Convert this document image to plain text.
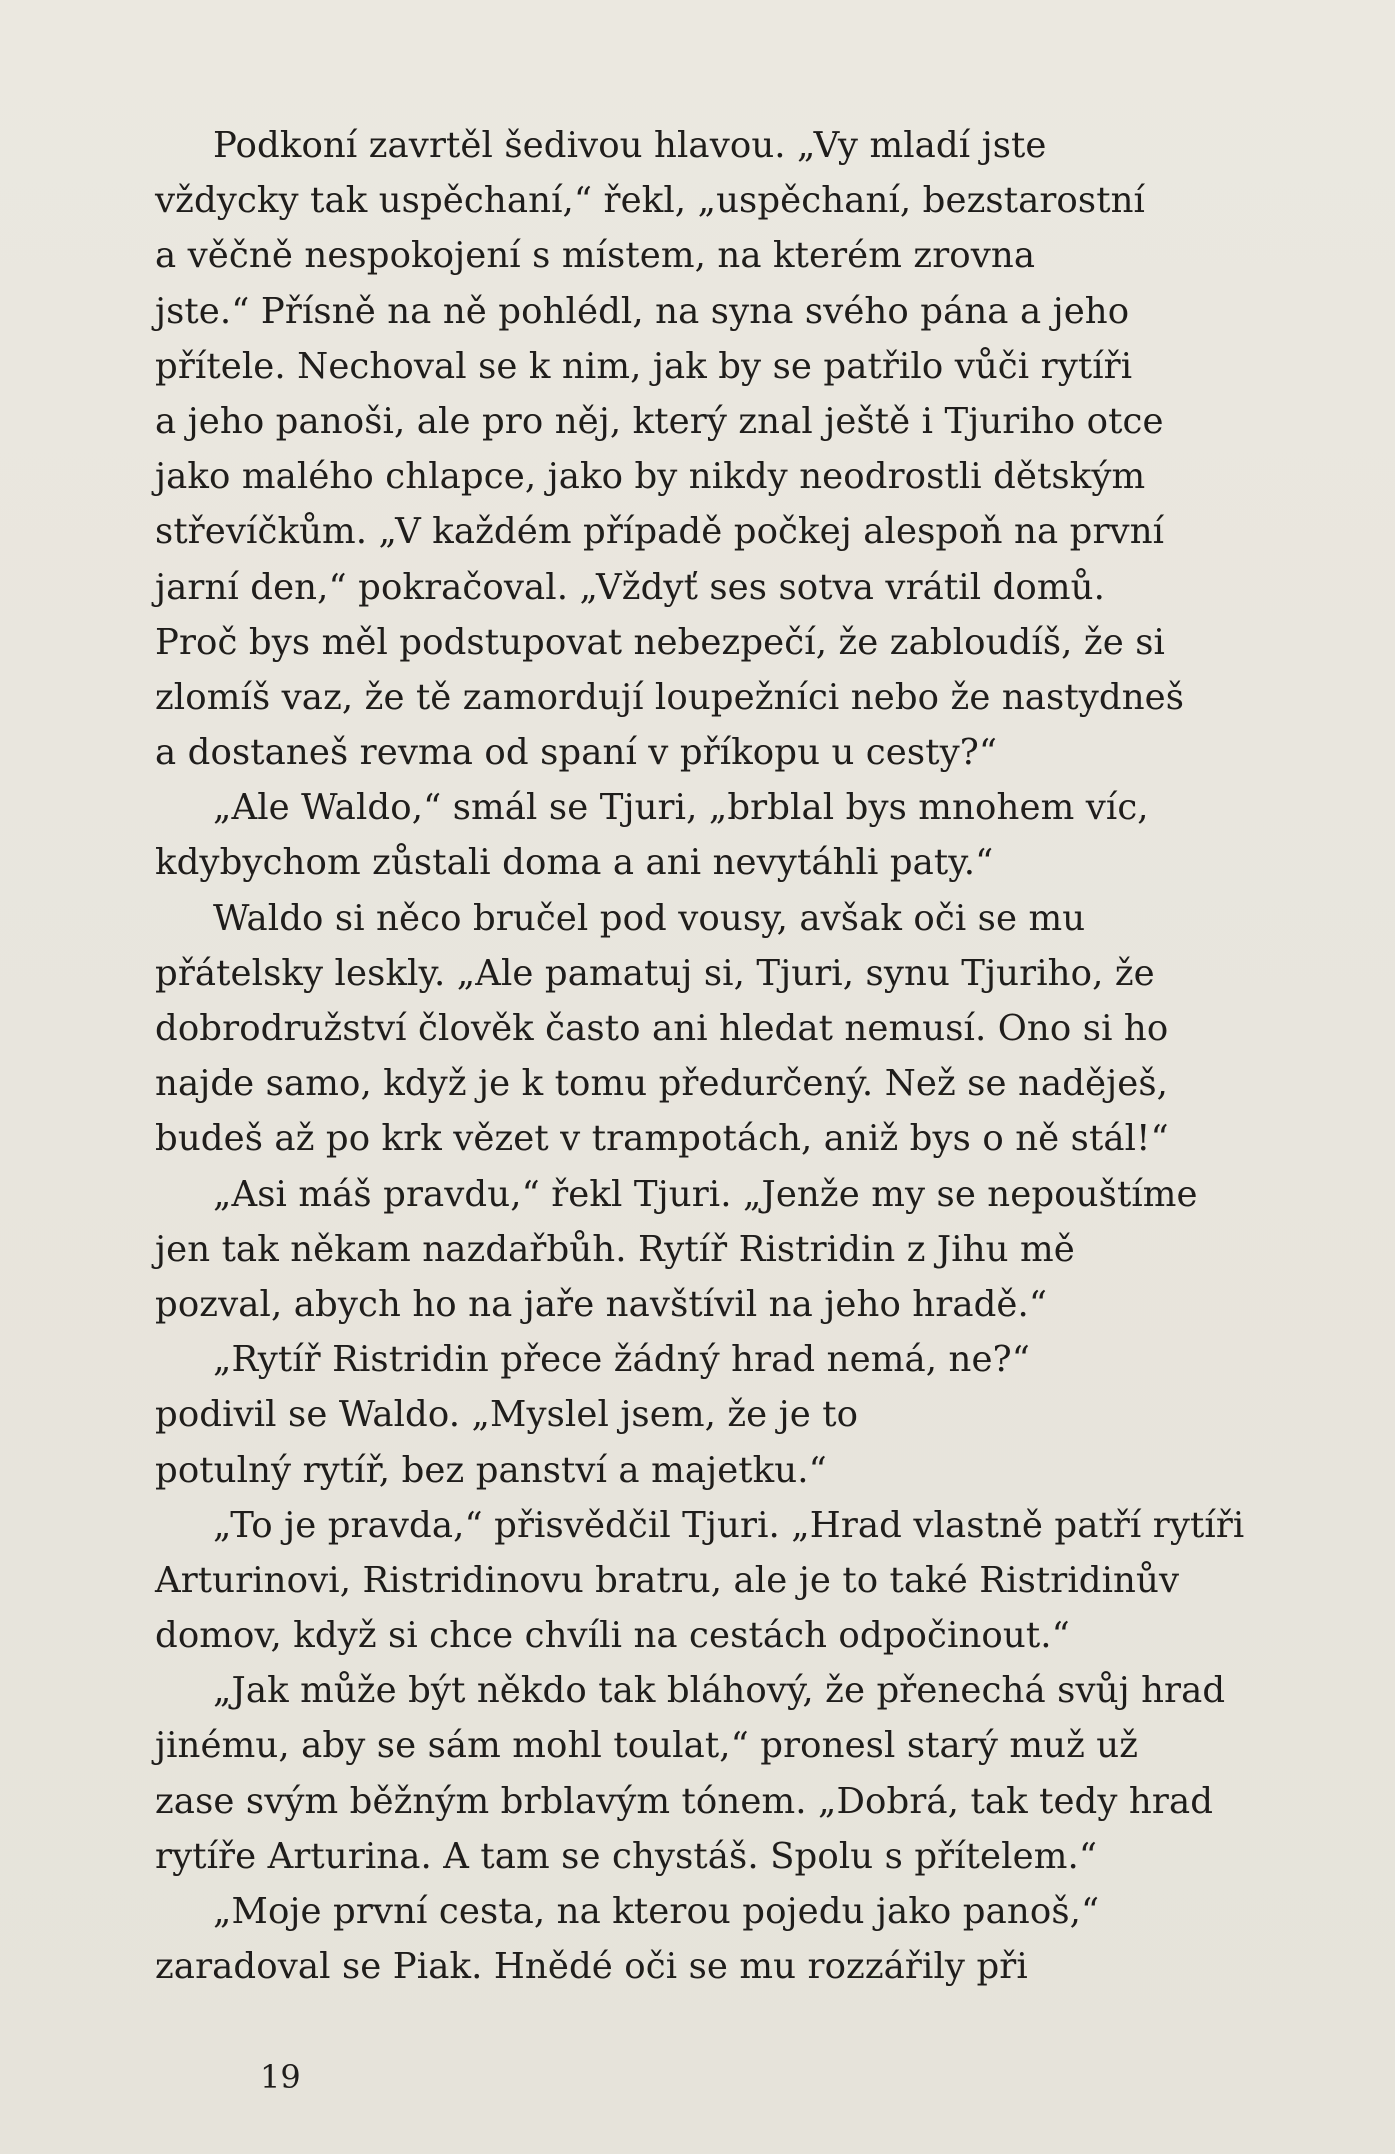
Podkoní zavrtěl šedivou hlavou. „Vy mladí jste
vždycky tak uspěchaní,“ řekl, „uspěchaní, bezstarostní
a věčně nespokojení s místem, na kterém zrovna
jste.“ Přísně na ně pohlédl, na syna svého pána a jeho
přítele. Nechoval se k nim, jak by se patřilo vůči rytíři
a jeho panoši, ale pro něj, který znal ještě i Tjuriho otce
jako malého chlapce, jako by nikdy neodrostli dětským
střevíčkům. „V každém případě počkej alespoň na první
jarní den,“ pokračoval. „Vždyť ses sotva vrátil domů.
Proč bys měl podstupovat nebezpečí, že zabloudíš, že si
zlomíš vaz, že tě zamordují loupežníci nebo že nastydneš
a dostaneš revma od spaní v příkopu u cesty?“
„Ale Waldo,“ smál se Tjuri, „brblal bys mnohem víc,
kdybychom zůstali doma a ani nevytáhli paty.“
Waldo si něco bručel pod vousy, avšak oči se mu
přátelsky leskly. „Ale pamatuj si, Tjuri, synu Tjuriho, že
dobrodružství člověk často ani hledat nemusí. Ono si ho
najde samo, když je k tomu předurčený. Než se naděješ,
budeš až po krk vězet v trampotách, aniž bys o ně stál!“
„Asi máš pravdu,“ řekl Tjuri. „Jenže my se nepouštíme
jen tak někam nazdařbůh. Rytíř Ristridin z Jihu mě
pozval, abych ho na jaře navštívil na jeho hradě.“
„Rytíř Ristridin přece žádný hrad nemá, ne?“
podivil se Waldo. „Myslel jsem, že je to
potulný rytíř, bez panství a majetku.“
„To je pravda,“ přisvědčil Tjuri. „Hrad vlastně patří rytíři
Arturinovi, Ristridinovu bratru, ale je to také Ristridinův
domov, když si chce chvíli na cestách odpočinout.“
„Jak může být někdo tak bláhový, že přenechá svůj hrad
jinému, aby se sám mohl toulat,“ pronesl starý muž už
zase svým běžným brblavým tónem. „Dobrá, tak tedy hrad
rytíře Arturina. A tam se chystáš. Spolu s přítelem.“
„Moje první cesta, na kterou pojedu jako panoš,“
zaradoval se Piak. Hnědé oči se mu rozzářily při
19
